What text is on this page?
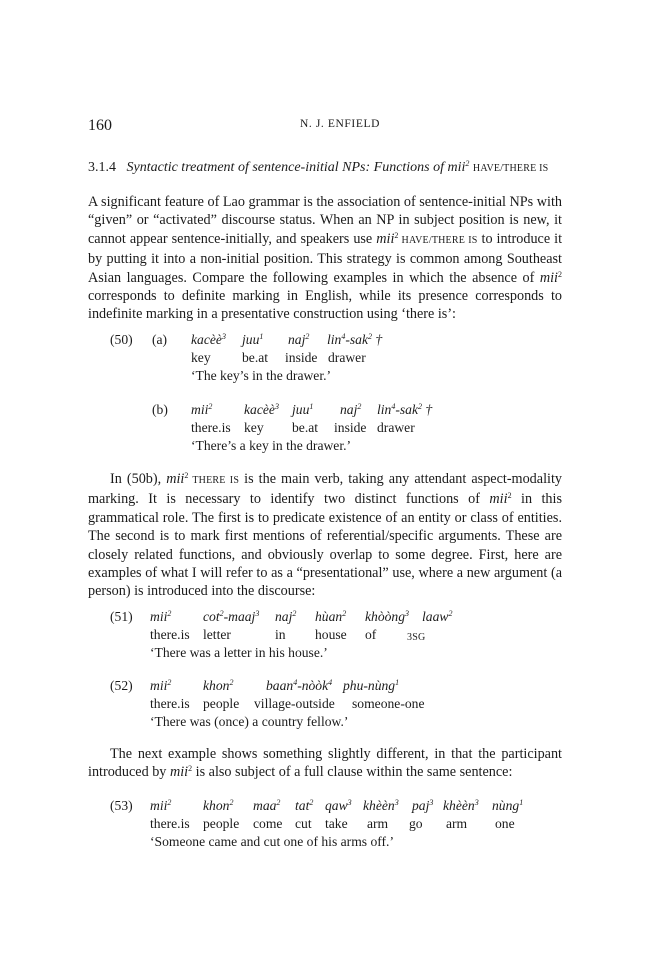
160	N. J. ENFIELD
3.1.4 Syntactic treatment of sentence-initial NPs: Functions of mii$^2$ HAVE/THERE IS

A significant feature of Lao grammar is the association of sentence-initial NPs with “given” or “activated” discourse status. When an NP in subject position is new, it cannot appear sentence-initially, and speakers use mii$^2$ HAVE/THERE IS to introduce it by putting it into a non-initial position. This strategy is common among Southeast Asian languages. Compare the following examples in which the absence of mii$^2$ corresponds to definite marking in English, while its presence corresponds to indefinite marking in a presentative construction using ‘there is’:

(50) (a) kacèè$^3$ juu$^1$ naj$^2$ lin$^4$-sak$^2$ †
key be.at inside drawer
‘The key’s in the drawer.’
(b) mii$^2$ kacèè$^3$ juu$^1$ naj$^2$ lin$^4$-sak$^2$ †
there.is key be.at inside drawer
‘There’s a key in the drawer.’

In (50b), mii$^2$ THERE IS is the main verb, taking any attendant aspect-modality marking. It is necessary to identify two distinct functions of mii$^2$ in this grammatical role. The first is to predicate existence of an entity or class of entities. The second is to mark first mentions of referential/specific arguments. These are closely related functions, and obviously overlap to some degree. First, here are examples of what I will refer to as a “presentational” use, where a new argument (a person) is introduced into the discourse:

(51) mii$^2$ $\cot^2-maaj^3$ naj$^2$ hùan$^2$ khòòng$^3$ laaw$^2$
there.is letter	in house of	3SG
‘There was a letter in his house.’
(52) mii$^2$ khon$^2$ baan$^4$-nòòk$^4$ phu-nùng$^1$
there.is people village-outside someone-one
‘There was (once) a country fellow.’

The next example shows something slightly different, in that the participant introduced by mii$^2$ is also subject of a full clause within the same sentence:

(53) mii$^2$ khon$^2$ maa$^2$ tat$^2$ qaw$^3$ khèèn$^3$ paj$^3$ khèèn$^3$ nùng$^1$
there.is people come cut take arm go arm one
‘Someone came and cut one of his arms off.’
